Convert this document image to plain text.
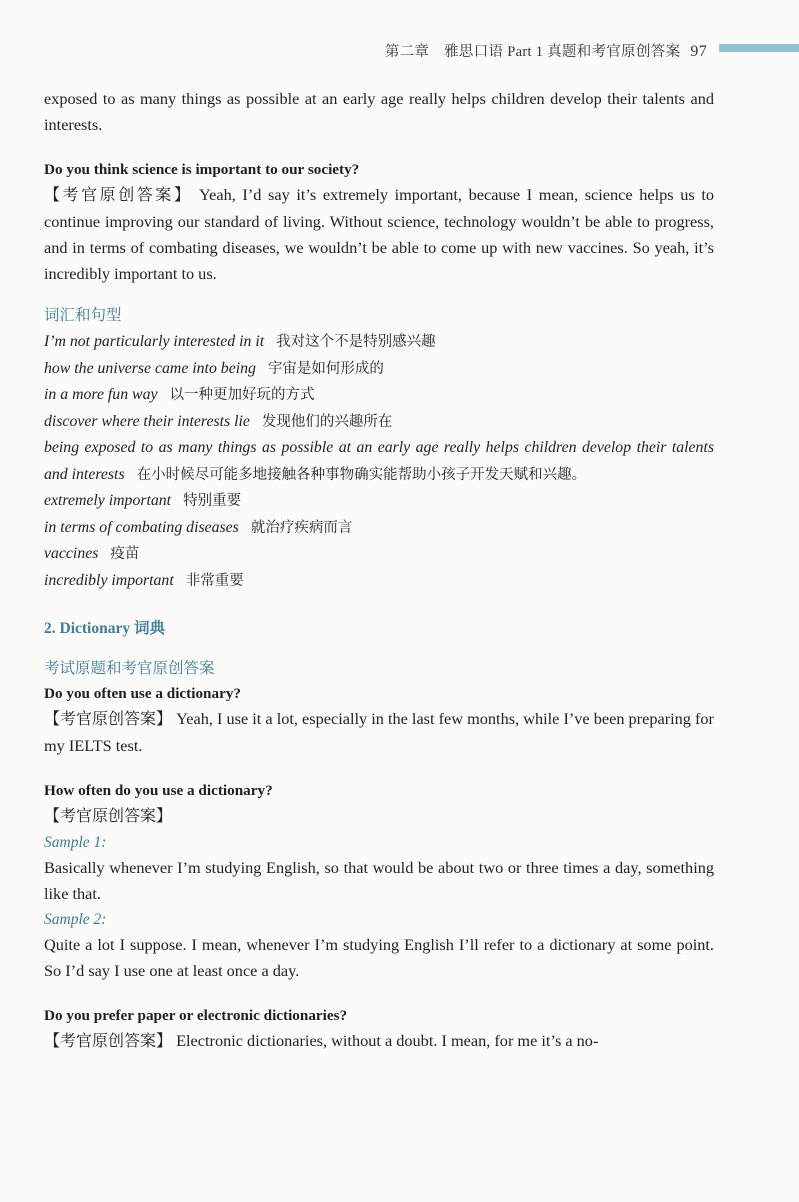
第二章　雅思口语 Part 1 真题和考官原创答案 97

exposed to as many things as possible at an early age really helps children develop their talents and interests.

Do you think science is important to our society?

【考官原创答案】 Yeah, I’d say it’s extremely important, because I mean, science helps us to continue improving our standard of living. Without science, technology wouldn’t be able to progress, and in terms of combating diseases, we wouldn’t be able to come up with new vaccines. So yeah, it’s incredibly important to us.

词汇和句型
I’m not particularly interested in it 我对这个不是特别感兴趣
how the universe came into being 宇宙是如何形成的
in a more fun way 以一种更加好玩的方式
discover where their interests lie 发现他们的兴趣所在
being exposed to as many things as possible at an early age really helps children develop their talents and interests 在小时候尽可能多地接触各种事物确实能帮助小孩子开发天赋和兴趣。
extremely important 特别重要
in terms of combating diseases 就治疗疾病而言
vaccines 疫苗
incredibly important 非常重要
2. Dictionary 词典
考试原题和考官原创答案

Do you often use a dictionary?

【考官原创答案】 Yeah, I use it a lot, especially in the last few months, while I’ve been preparing for my IELTS test.

How often do you use a dictionary?

【考官原创答案】

Sample 1:

Basically whenever I’m studying English, so that would be about two or three times a day, something like that.

Sample 2:

Quite a lot I suppose. I mean, whenever I’m studying English I’ll refer to a dictionary at some point. So I’d say I use one at least once a day.

Do you prefer paper or electronic dictionaries?

【考官原创答案】 Electronic dictionaries, without a doubt. I mean, for me it’s a no-
